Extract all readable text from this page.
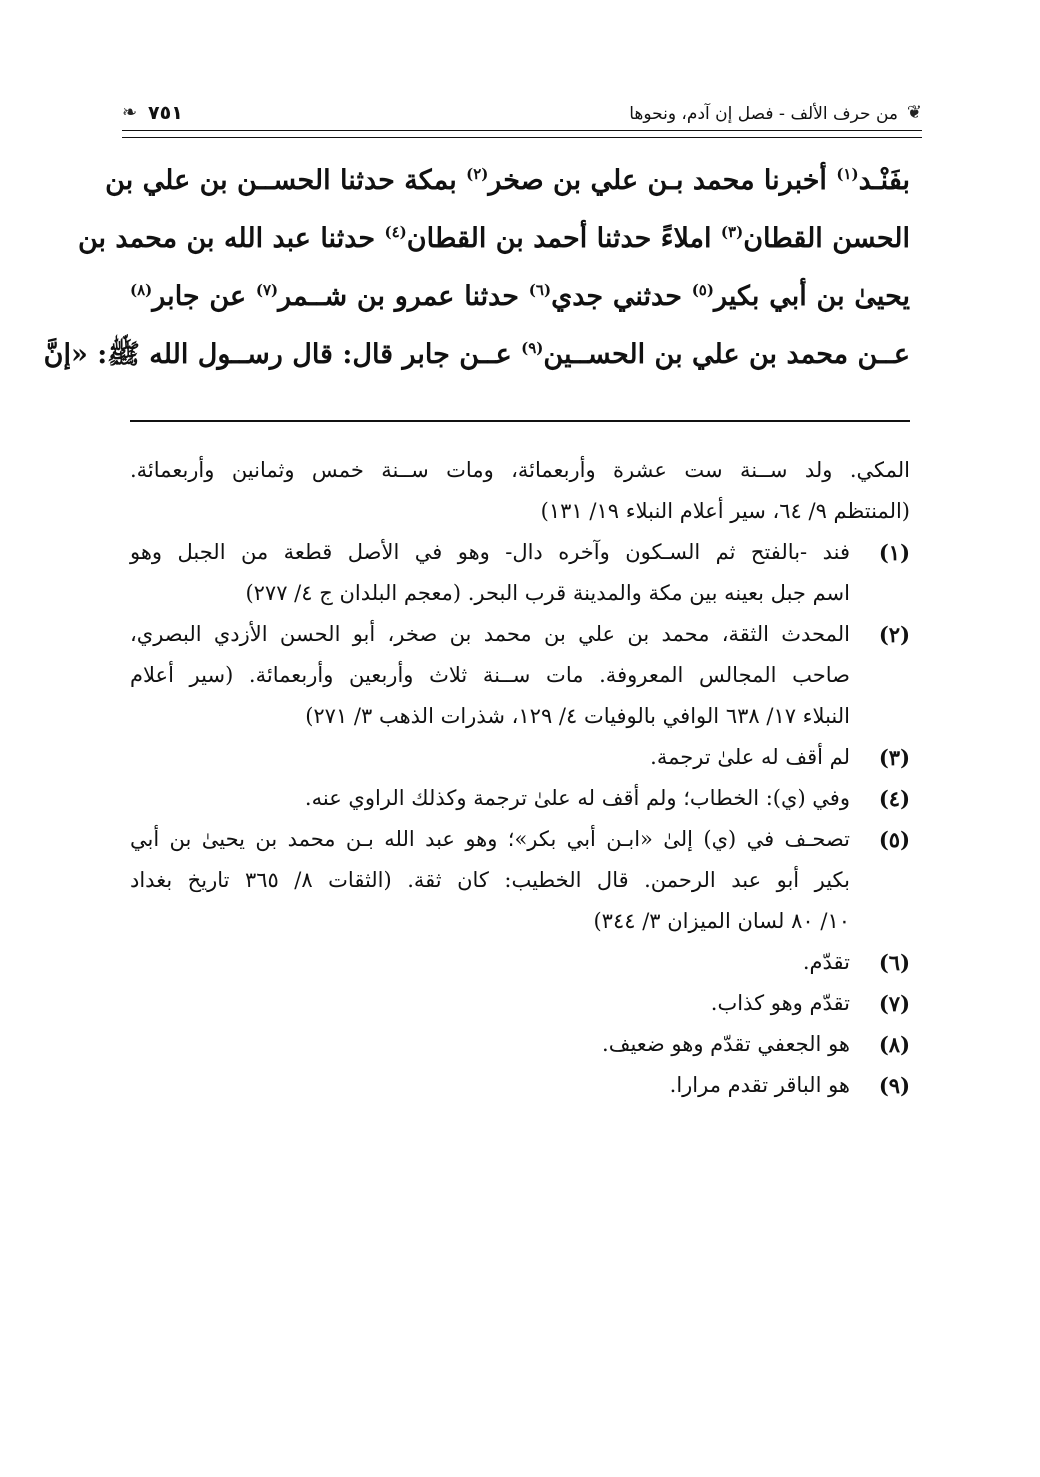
❦
من حرف الألف - فصل إن آدم، ونحوها
٧٥١
❧
بفَنْـد$^{(١)}$ أخبرنا محمد بـن علي بن صخر$^{(٢)}$ بمكة حدثنا الحســن بن علي بن
الحسن القطان$^{(٣)}$ املاءً حدثنا أحمد بن القطان$^{(٤)}$ حدثنا عبد الله بن محمد بن
يحيىٰ بن أبي بكير$^{(٥)}$ حدثني جدي$^{(٦)}$ حدثنا عمرو بن شــمر$^{(٧)}$ عن جابر$^{(٨)}$
عــن محمد بن علي بن الحســين$^{(٩)}$ عــن جابر قال: قال رســول الله ﷺ: «إنَّ
المكي. ولد ســنة ست عشرة وأربعمائة، ومات ســنة خمس وثمانين وأربعمائة.
(المنتظم ٩/ ٦٤، سير أعلام النبلاء ١٩/ ١٣١)
(١)
فند -بالفتح ثم السـكون وآخره دال- وهو في الأصل قطعة من الجبل وهو
اسم جبل بعينه بين مكة والمدينة قرب البحر. (معجم البلدان ج ٤/ ٢٧٧)
(٢)
المحدث الثقة، محمد بن علي بن محمد بن صخر، أبو الحسن الأزدي البصري،
صاحب المجالس المعروفة. مات ســنة ثلاث وأربعين وأربعمائة. (سير أعلام
النبلاء ١٧/ ٦٣٨ الوافي بالوفيات ٤/ ١٢٩، شذرات الذهب ٣/ ٢٧١)
(٣)
لم أقف له علىٰ ترجمة.
(٤)
وفي (ي): الخطاب؛ ولم أقف له علىٰ ترجمة وكذلك الراوي عنه.
(٥)
تصحـف في (ي) إلىٰ «ابـن أبي بكر»؛ وهو عبد الله بـن محمد بن يحيىٰ بن أبي
بكير أبو عبد الرحمن. قال الخطيب: كان ثقة. (الثقات ٨/ ٣٦٥ تاريخ بغداد
١٠/ ٨٠ لسان الميزان ٣/ ٣٤٤)
(٦)
تقدّم.
(٧)
تقدّم وهو كذاب.
(٨)
هو الجعفي تقدّم وهو ضعيف.
(٩)
هو الباقر تقدم مرارا.
